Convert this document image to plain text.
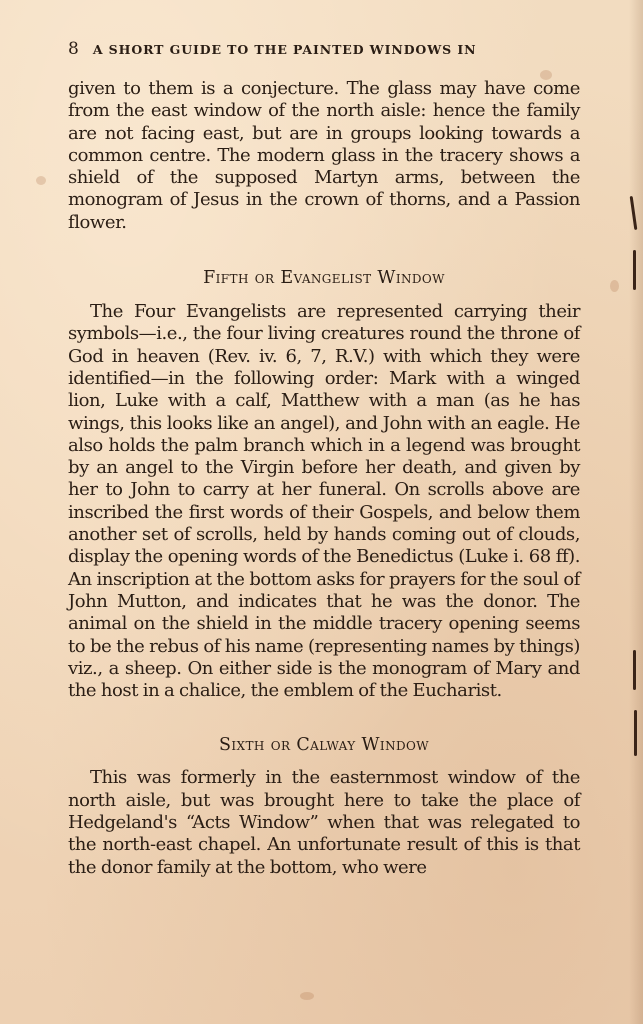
8 A SHORT GUIDE TO THE PAINTED WINDOWS IN

given to them is a conjecture. The glass may have come from the east window of the north aisle: hence the family are not facing east, but are in groups looking towards a common centre. The modern glass in the tracery shows a shield of the supposed Martyn arms, between the monogram of Jesus in the crown of thorns, and a Passion flower.

Fifth or Evangelist Window

The Four Evangelists are represented carrying their symbols—i.e., the four living creatures round the throne of God in heaven (Rev. iv. 6, 7, R.V.) with which they were identified—in the following order: Mark with a winged lion, Luke with a calf, Matthew with a man (as he has wings, this looks like an angel), and John with an eagle. He also holds the palm branch which in a legend was brought by an angel to the Virgin before her death, and given by her to John to carry at her funeral. On scrolls above are inscribed the first words of their Gospels, and below them another set of scrolls, held by hands coming out of clouds, display the opening words of the Benedictus (Luke i. 68 ff). An inscription at the bottom asks for prayers for the soul of John Mutton, and indicates that he was the donor. The animal on the shield in the middle tracery opening seems to be the rebus of his name (representing names by things) viz., a sheep. On either side is the monogram of Mary and the host in a chalice, the emblem of the Eucharist.

Sixth or Calway Window

This was formerly in the easternmost window of the north aisle, but was brought here to take the place of Hedgeland's “Acts Window” when that was relegated to the north-east chapel. An unfortunate result of this is that the donor family at the bottom, who were
